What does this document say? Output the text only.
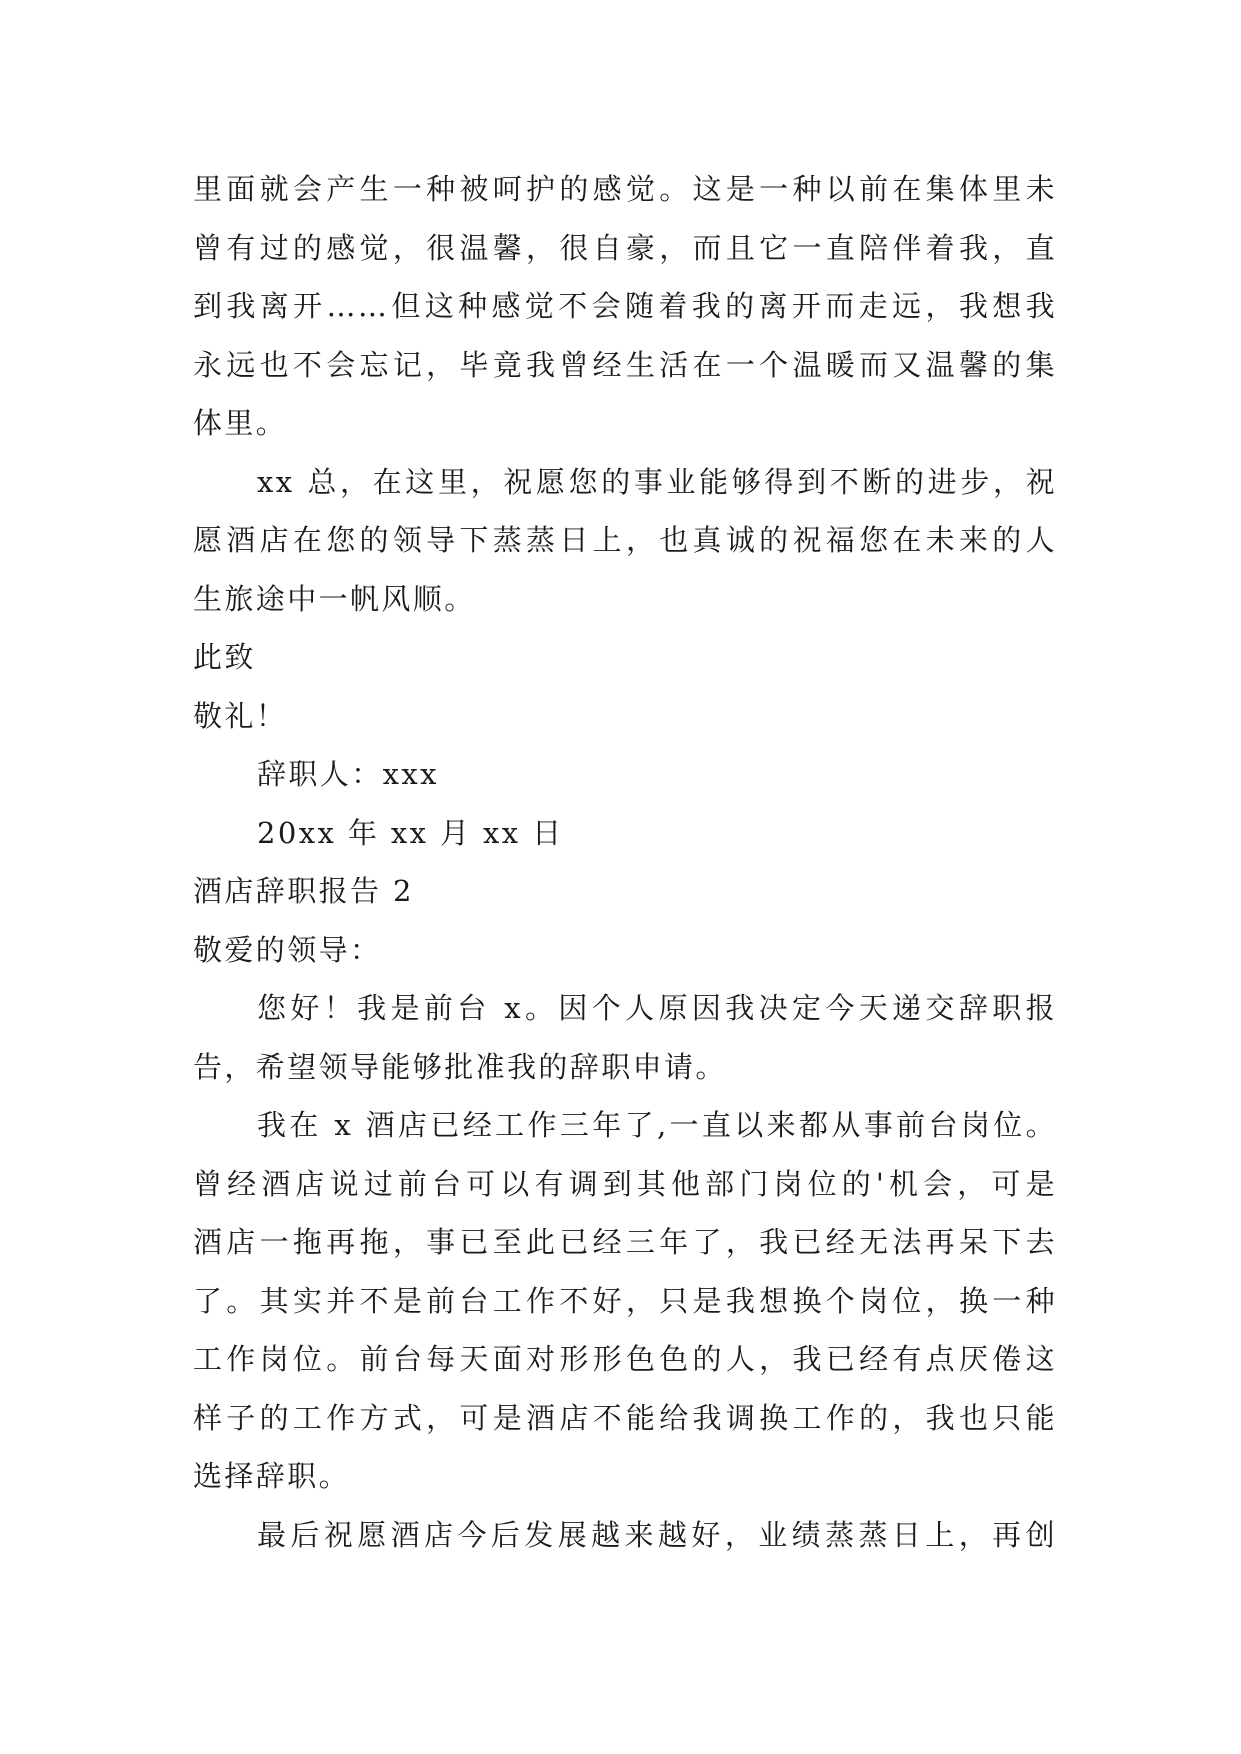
里面就会产生一种被呵护的感觉。这是一种以前在集体里未
曾有过的感觉，很温馨，很自豪，而且它一直陪伴着我，直
到我离开……但这种感觉不会随着我的离开而走远，我想我
永远也不会忘记，毕竟我曾经生活在一个温暖而又温馨的集
体里。
xx 总，在这里，祝愿您的事业能够得到不断的进步，祝
愿酒店在您的领导下蒸蒸日上，也真诚的祝福您在未来的人
生旅途中一帆风顺。
此致
敬礼！
辞职人：xxx
20xx 年 xx 月 xx 日
酒店辞职报告 2
敬爱的领导：
您好！我是前台 x。因个人原因我决定今天递交辞职报
告，希望领导能够批准我的辞职申请。
我在 x 酒店已经工作三年了,一直以来都从事前台岗位。
曾经酒店说过前台可以有调到其他部门岗位的'机会，可是
酒店一拖再拖，事已至此已经三年了，我已经无法再呆下去
了。其实并不是前台工作不好，只是我想换个岗位，换一种
工作岗位。前台每天面对形形色色的人，我已经有点厌倦这
样子的工作方式，可是酒店不能给我调换工作的，我也只能
选择辞职。
最后祝愿酒店今后发展越来越好，业绩蒸蒸日上，再创
